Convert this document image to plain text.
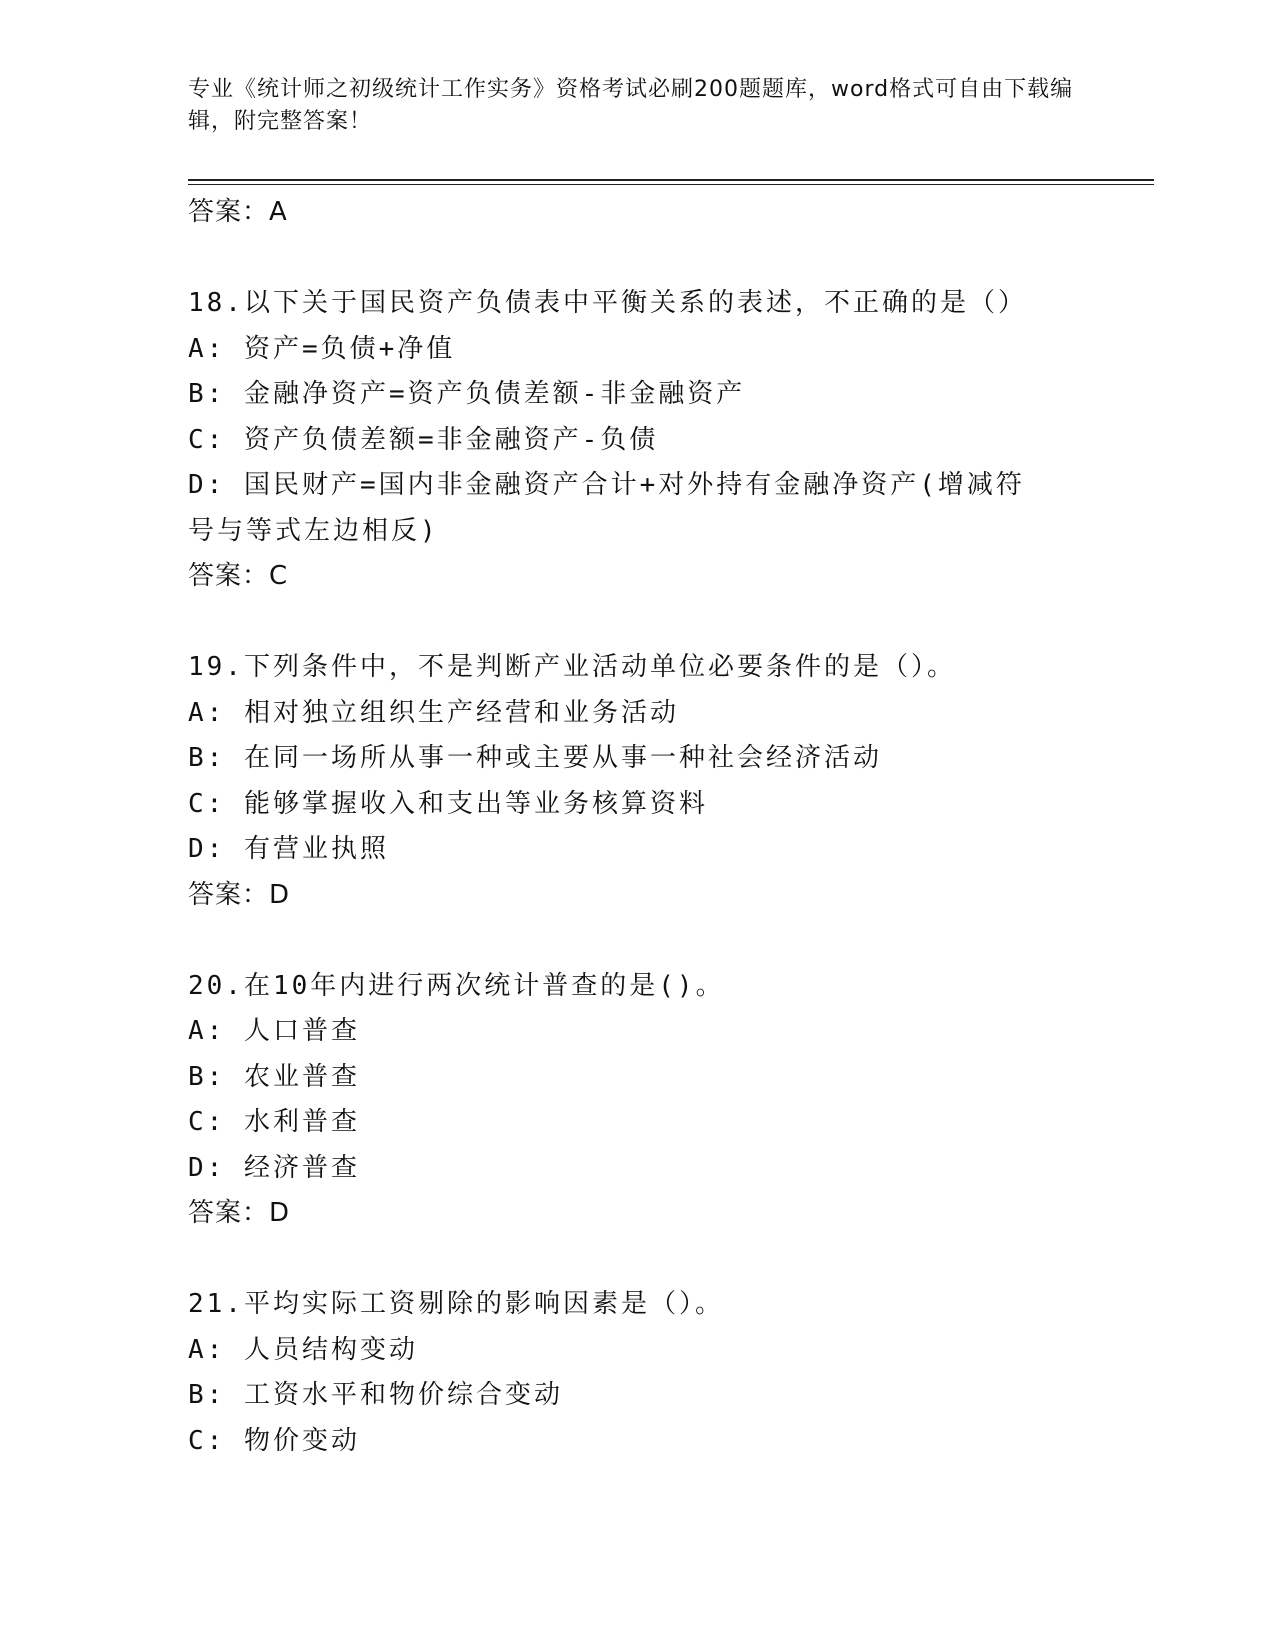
专业《统计师之初级统计工作实务》资格考试必刷200题题库，word格式可自由下载编辑，附完整答案！
答案：A
18.以下关于国民资产负债表中平衡关系的表述，不正确的是（）
A: 资产=负债+净值
B: 金融净资产=资产负债差额-非金融资产
C: 资产负债差额=非金融资产-负债
D: 国民财产=国内非金融资产合计+对外持有金融净资产(增减符号与等式左边相反)
答案：C
19.下列条件中，不是判断产业活动单位必要条件的是（）。
A: 相对独立组织生产经营和业务活动
B: 在同一场所从事一种或主要从事一种社会经济活动
C: 能够掌握收入和支出等业务核算资料
D: 有营业执照
答案：D
20.在10年内进行两次统计普查的是()。
A: 人口普查
B: 农业普查
C: 水利普查
D: 经济普查
答案：D
21.平均实际工资剔除的影响因素是（）。
A: 人员结构变动
B: 工资水平和物价综合变动
C: 物价变动
